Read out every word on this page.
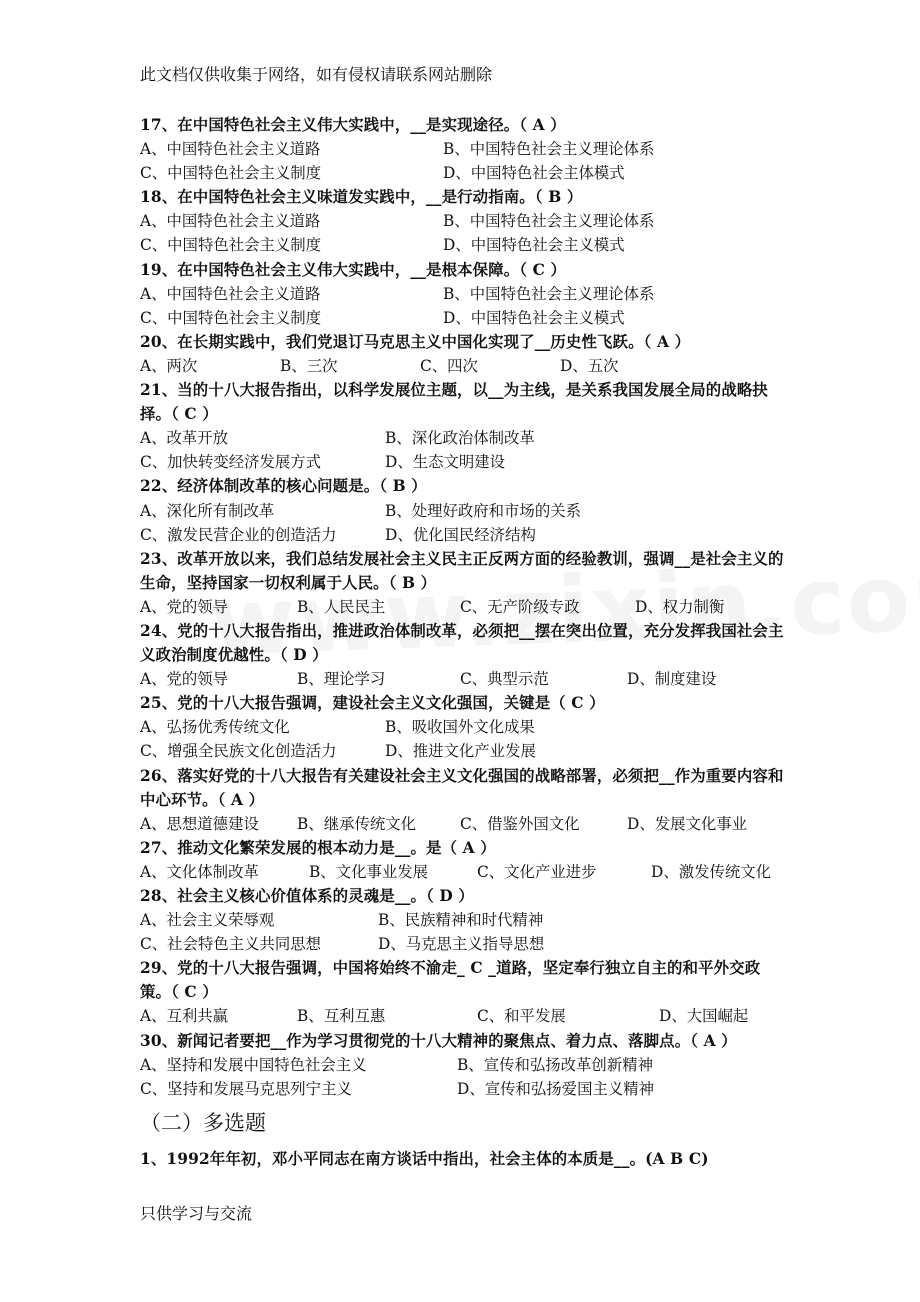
此文档仅供收集于网络，如有侵权请联系网站删除
17、在中国特色社会主义伟大实践中，__是实现途径。（ A ）
A、中国特色社会主义道路	B、中国特色社会主义理论体系
C、中国特色社会主义制度	D、中国特色社会主体模式
18、在中国特色社会主义味道发实践中，__是行动指南。（ B ）
A、中国特色社会主义道路	B、中国特色社会主义理论体系
C、中国特色社会主义制度	D、中国特色社会主义模式
19、在中国特色社会主义伟大实践中，__是根本保障。（ C ）
A、中国特色社会主义道路	B、中国特色社会主义理论体系
C、中国特色社会主义制度	D、中国特色社会主义模式
20、在长期实践中，我们党退订马克思主义中国化实现了__历史性飞跃。（ A ）
A、两次	B、三次	C、四次	D、五次
21、当的十八大报告指出，以科学发展位主题，以__为主线，是关系我国发展全局的战略抉择。（ C ）
A、改革开放	B、深化政治体制改革
C、加快转变经济发展方式	D、生态文明建设
22、经济体制改革的核心问题是。（ B ）
A、深化所有制改革	B、处理好政府和市场的关系
C、激发民营企业的创造活力	D、优化国民经济结构
23、改革开放以来，我们总结发展社会主义民主正反两方面的经验教训，强调__是社会主义的生命，坚持国家一切权利属于人民。（ B ）
A、党的领导	B、人民民主	C、无产阶级专政	D、权力制衡
24、党的十八大报告指出，推进政治体制改革，必须把__摆在突出位置，充分发挥我国社会主义政治制度优越性。（ D ）
A、党的领导	B、理论学习	C、典型示范	D、制度建设
25、党的十八大报告强调，建设社会主义文化强国，关键是（ C ）
A、弘扬优秀传统文化	B、吸收国外文化成果
C、增强全民族文化创造活力	D、推进文化产业发展
26、落实好党的十八大报告有关建设社会主义文化强国的战略部署，必须把__作为重要内容和中心环节。（ A ）
A、思想道德建设 B、继承传统文化	C、借鉴外国文化	D、发展文化事业
27、推动文化繁荣发展的根本动力是__。是（ A ）
A、文化体制改革	B、文化事业发展	C、文化产业进步	D、激发传统文化
28、社会主义核心价值体系的灵魂是__。（ D ）
A、社会主义荣辱观	B、民族精神和时代精神
C、社会特色主义共同思想	D、马克思主义指导思想
29、党的十八大报告强调，中国将始终不渝走_ C _道路，坚定奉行独立自主的和平外交政策。（ C ）
A、互利共赢	B、互利互惠	C、和平发展	D、大国崛起
30、新闻记者要把__作为学习贯彻党的十八大精神的聚焦点、着力点、落脚点。（ A ）
A、坚持和发展中国特色社会主义	B、宣传和弘扬改革创新精神
C、坚持和发展马克思列宁主义	D、宣传和弘扬爱国主义精神
（二）多选题
1、1992年年初，邓小平同志在南方谈话中指出，社会主体的本质是__。(A B C)
只供学习与交流
